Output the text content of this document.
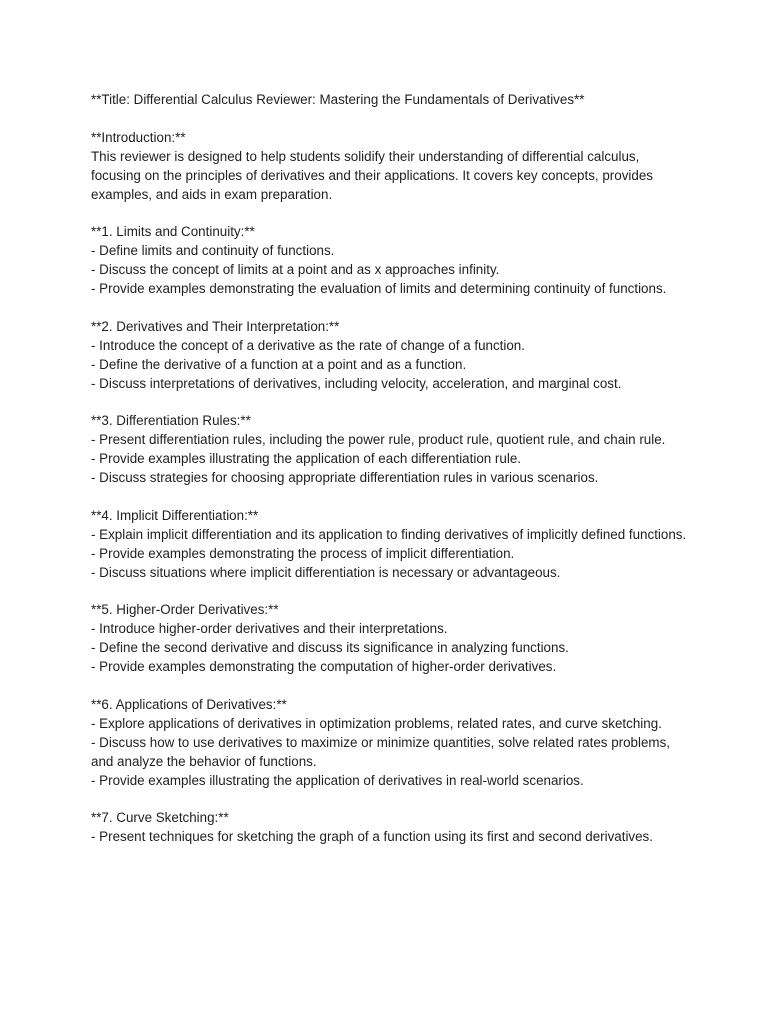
**Title: Differential Calculus Reviewer: Mastering the Fundamentals of Derivatives**

**Introduction:**
This reviewer is designed to help students solidify their understanding of differential calculus, focusing on the principles of derivatives and their applications. It covers key concepts, provides examples, and aids in exam preparation.
**1. Limits and Continuity:**
- Define limits and continuity of functions.
- Discuss the concept of limits at a point and as x approaches infinity.
- Provide examples demonstrating the evaluation of limits and determining continuity of functions.
**2. Derivatives and Their Interpretation:**
- Introduce the concept of a derivative as the rate of change of a function.
- Define the derivative of a function at a point and as a function.
- Discuss interpretations of derivatives, including velocity, acceleration, and marginal cost.
**3. Differentiation Rules:**
- Present differentiation rules, including the power rule, product rule, quotient rule, and chain rule.
- Provide examples illustrating the application of each differentiation rule.
- Discuss strategies for choosing appropriate differentiation rules in various scenarios.
**4. Implicit Differentiation:**
- Explain implicit differentiation and its application to finding derivatives of implicitly defined functions.
- Provide examples demonstrating the process of implicit differentiation.
- Discuss situations where implicit differentiation is necessary or advantageous.
**5. Higher-Order Derivatives:**
- Introduce higher-order derivatives and their interpretations.
- Define the second derivative and discuss its significance in analyzing functions.
- Provide examples demonstrating the computation of higher-order derivatives.
**6. Applications of Derivatives:**
- Explore applications of derivatives in optimization problems, related rates, and curve sketching.
- Discuss how to use derivatives to maximize or minimize quantities, solve related rates problems, and analyze the behavior of functions.
- Provide examples illustrating the application of derivatives in real-world scenarios.
**7. Curve Sketching:**
- Present techniques for sketching the graph of a function using its first and second derivatives.
